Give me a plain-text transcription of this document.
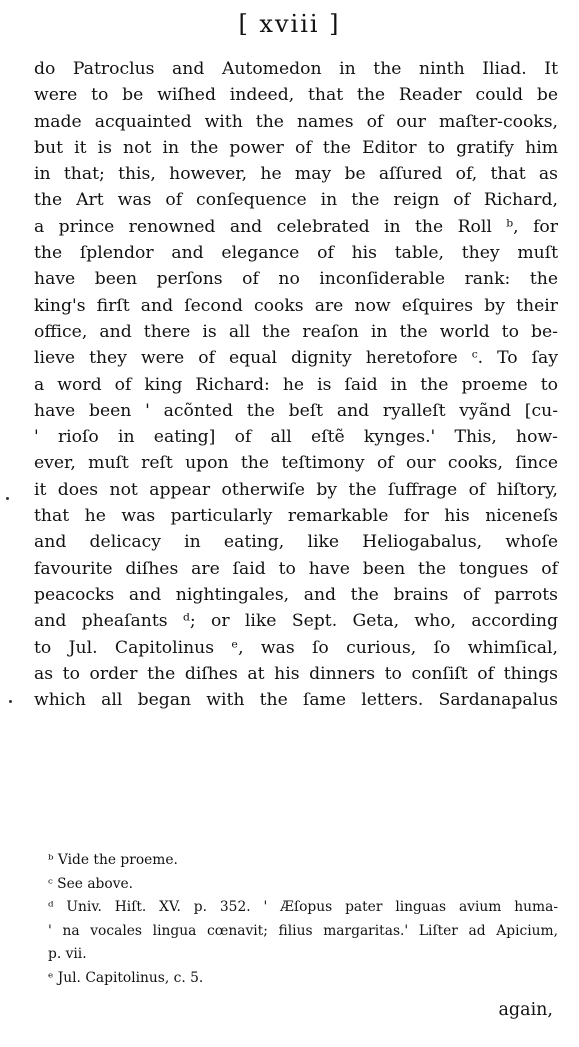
[ xviii ]
do Patroclus and Automedon in the ninth Iliad. It
were to be wiſhed indeed, that the Reader could be
made acquainted with the names of our maſter-cooks,
but it is not in the power of the Editor to gratify him
in that; this, however, he may be aſſured of, that as
the Art was of conſequence in the reign of Richard,
a prince renowned and celebrated in the Roll ᵇ, for
the ſplendor and elegance of his table, they muſt
have been perſons of no inconſiderable rank: the
king's firſt and ſecond cooks are now eſquires by their
office, and there is all the reaſon in the world to be-
lieve they were of equal dignity heretofore ᶜ. To ſay
a word of king Richard: he is ſaid in the proeme to
have been ' acõnted the beſt and ryalleſt vyãnd [cu-
' rioſo in eating] of all eſtẽ kynges.' This, how-
ever, muſt reſt upon the teſtimony of our cooks, ſince
it does not appear otherwiſe by the ſuffrage of hiſtory,
that he was particularly remarkable for his niceneſs
and delicacy in eating, like Heliogabalus, whoſe
favourite diſhes are ſaid to have been the tongues of
peacocks and nightingales, and the brains of parrots
and pheaſants ᵈ; or like Sept. Geta, who, according
to Jul. Capitolinus ᵉ, was ſo curious, ſo whimſical,
as to order the diſhes at his dinners to conſiſt of things
which all began with the ſame letters. Sardanapalus
ᵇ Vide the proeme.
ᶜ See above.
ᵈ Univ. Hiſt. XV. p. 352. ' Æſopus pater linguas avium huma-
' na vocales lingua cœnavit; filius margaritas.' Liſter ad Apicium,
p. vii.
ᵉ Jul. Capitolinus, c. 5.
again,
